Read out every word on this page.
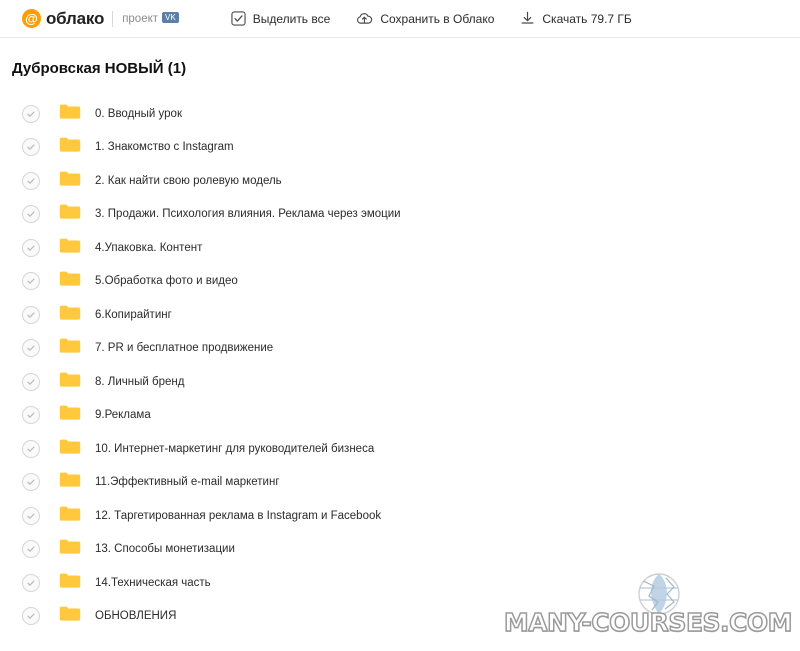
@ облако проект VK	Выделить все	Сохранить в Облако	Скачать 79.7 ГБ
Дубровская НОВЫЙ (1)
0. Вводный урок
1. Знакомство с Instagram
2. Как найти свою ролевую модель
3. Продажи. Психология влияния. Реклама через эмоции
4.Упаковка. Контент
5.Обработка фото и видео
6.Копирайтинг
7. PR и бесплатное продвижение
8. Личный бренд
9.Реклама
10. Интернет-маркетинг для руководителей бизнеса
11.Эффективный e-mail маркетинг
12. Таргетированная реклама в Instagram и Facebook
13. Способы монетизации
14.Техническая часть
ОБНОВЛЕНИЯ	MANY-COURSES.COM
